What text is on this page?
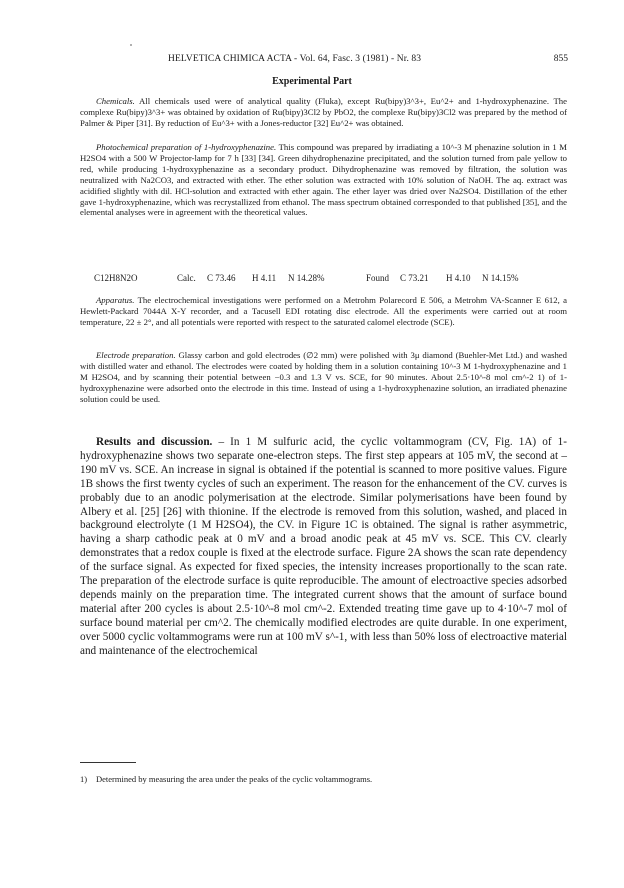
HELVETICA CHIMICA ACTA - Vol. 64, Fasc. 3 (1981) - Nr. 83	855
Experimental Part

Chemicals. All chemicals used were of analytical quality (Fluka), except Ru(bipy)3^3+, Eu^2+ and 1-hydroxyphenazine. The complexe Ru(bipy)3^3+ was obtained by oxidation of Ru(bipy)3Cl2 by PbO2, the complexe Ru(bipy)3Cl2 was prepared by the method of Palmer & Piper [31]. By reduction of Eu^3+ with a Jones-reductor [32] Eu^2+ was obtained.

Photochemical preparation of 1-hydroxyphenazine. This compound was prepared by irradiating a 10^-3 M phenazine solution in 1 M H2SO4 with a 500 W Projector-lamp for 7 h [33] [34]. Green dihydrophenazine precipitated, and the solution turned from pale yellow to red, while producing 1-hydroxyphenazine as a secondary product. Dihydrophenazine was removed by filtration, the solution was neutralized with Na2CO3, and extracted with ether. The ether solution was extracted with 10% solution of NaOH. The aq. extract was acidified slightly with dil. HCl-solution and extracted with ether again. The ether layer was dried over Na2SO4. Distillation of the ether gave 1-hydroxyphenazine, which was recrystallized from ethanol. The mass spectrum obtained corresponded to that published [35], and the elemental analyses were in agreement with the theoretical values.

C12H8N2O	Calc. C 73.46 H 4.11 N 14.28%	Found C 73.21 H 4.10 N 14.15%

Apparatus. The electrochemical investigations were performed on a Metrohm Polarecord E 506, a Metrohm VA-Scanner E 612, a Hewlett-Packard 7044A X-Y recorder, and a Tacusell EDI rotating disc electrode. All the experiments were carried out at room temperature, 22 ± 2°, and all potentials were reported with respect to the saturated calomel electrode (SCE).

Electrode preparation. Glassy carbon and gold electrodes (∅2 mm) were polished with 3μ diamond (Buehler-Met Ltd.) and washed with distilled water and ethanol. The electrodes were coated by holding them in a solution containing 10^-3 M 1-hydroxyphenazine and 1 M H2SO4, and by scanning their potential between −0.3 and 1.3 V vs. SCE, for 90 minutes. About 2.5·10^-8 mol cm^-2 1) of 1-hydroxyphenazine were adsorbed onto the electrode in this time. Instead of using a 1-hydroxyphenazine solution, an irradiated phenazine solution could be used.

Results and discussion. – In 1 M sulfuric acid, the cyclic voltammogram (CV, Fig. 1A) of 1-hydroxyphenazine shows two separate one-electron steps. The first step appears at 105 mV, the second at – 190 mV vs. SCE. An increase in signal is obtained if the potential is scanned to more positive values. Figure 1B shows the first twenty cycles of such an experiment. The reason for the enhancement of the CV. curves is probably due to an anodic polymerisation at the electrode. Similar polymerisations have been found by Albery et al. [25] [26] with thionine. If the electrode is removed from this solution, washed, and placed in background electrolyte (1 M H2SO4), the CV. in Figure 1C is obtained. The signal is rather asymmetric, having a sharp cathodic peak at 0 mV and a broad anodic peak at 45 mV vs. SCE. This CV. clearly demonstrates that a redox couple is fixed at the electrode surface. Figure 2A shows the scan rate dependency of the surface signal. As expected for fixed species, the intensity increases proportionally to the scan rate. The preparation of the electrode surface is quite reproducible. The amount of electroactive species adsorbed depends mainly on the preparation time. The integrated current shows that the amount of surface bound material after 200 cycles is about 2.5·10^-8 mol cm^-2. Extended treating time gave up to 4·10^-7 mol of surface bound material per cm^2. The chemically modified electrodes are quite durable. In one experiment, over 5000 cyclic voltammograms were run at 100 mV s^-1, with less than 50% loss of electroactive material and maintenance of the electrochemical

1) Determined by measuring the area under the peaks of the cyclic voltammograms.
